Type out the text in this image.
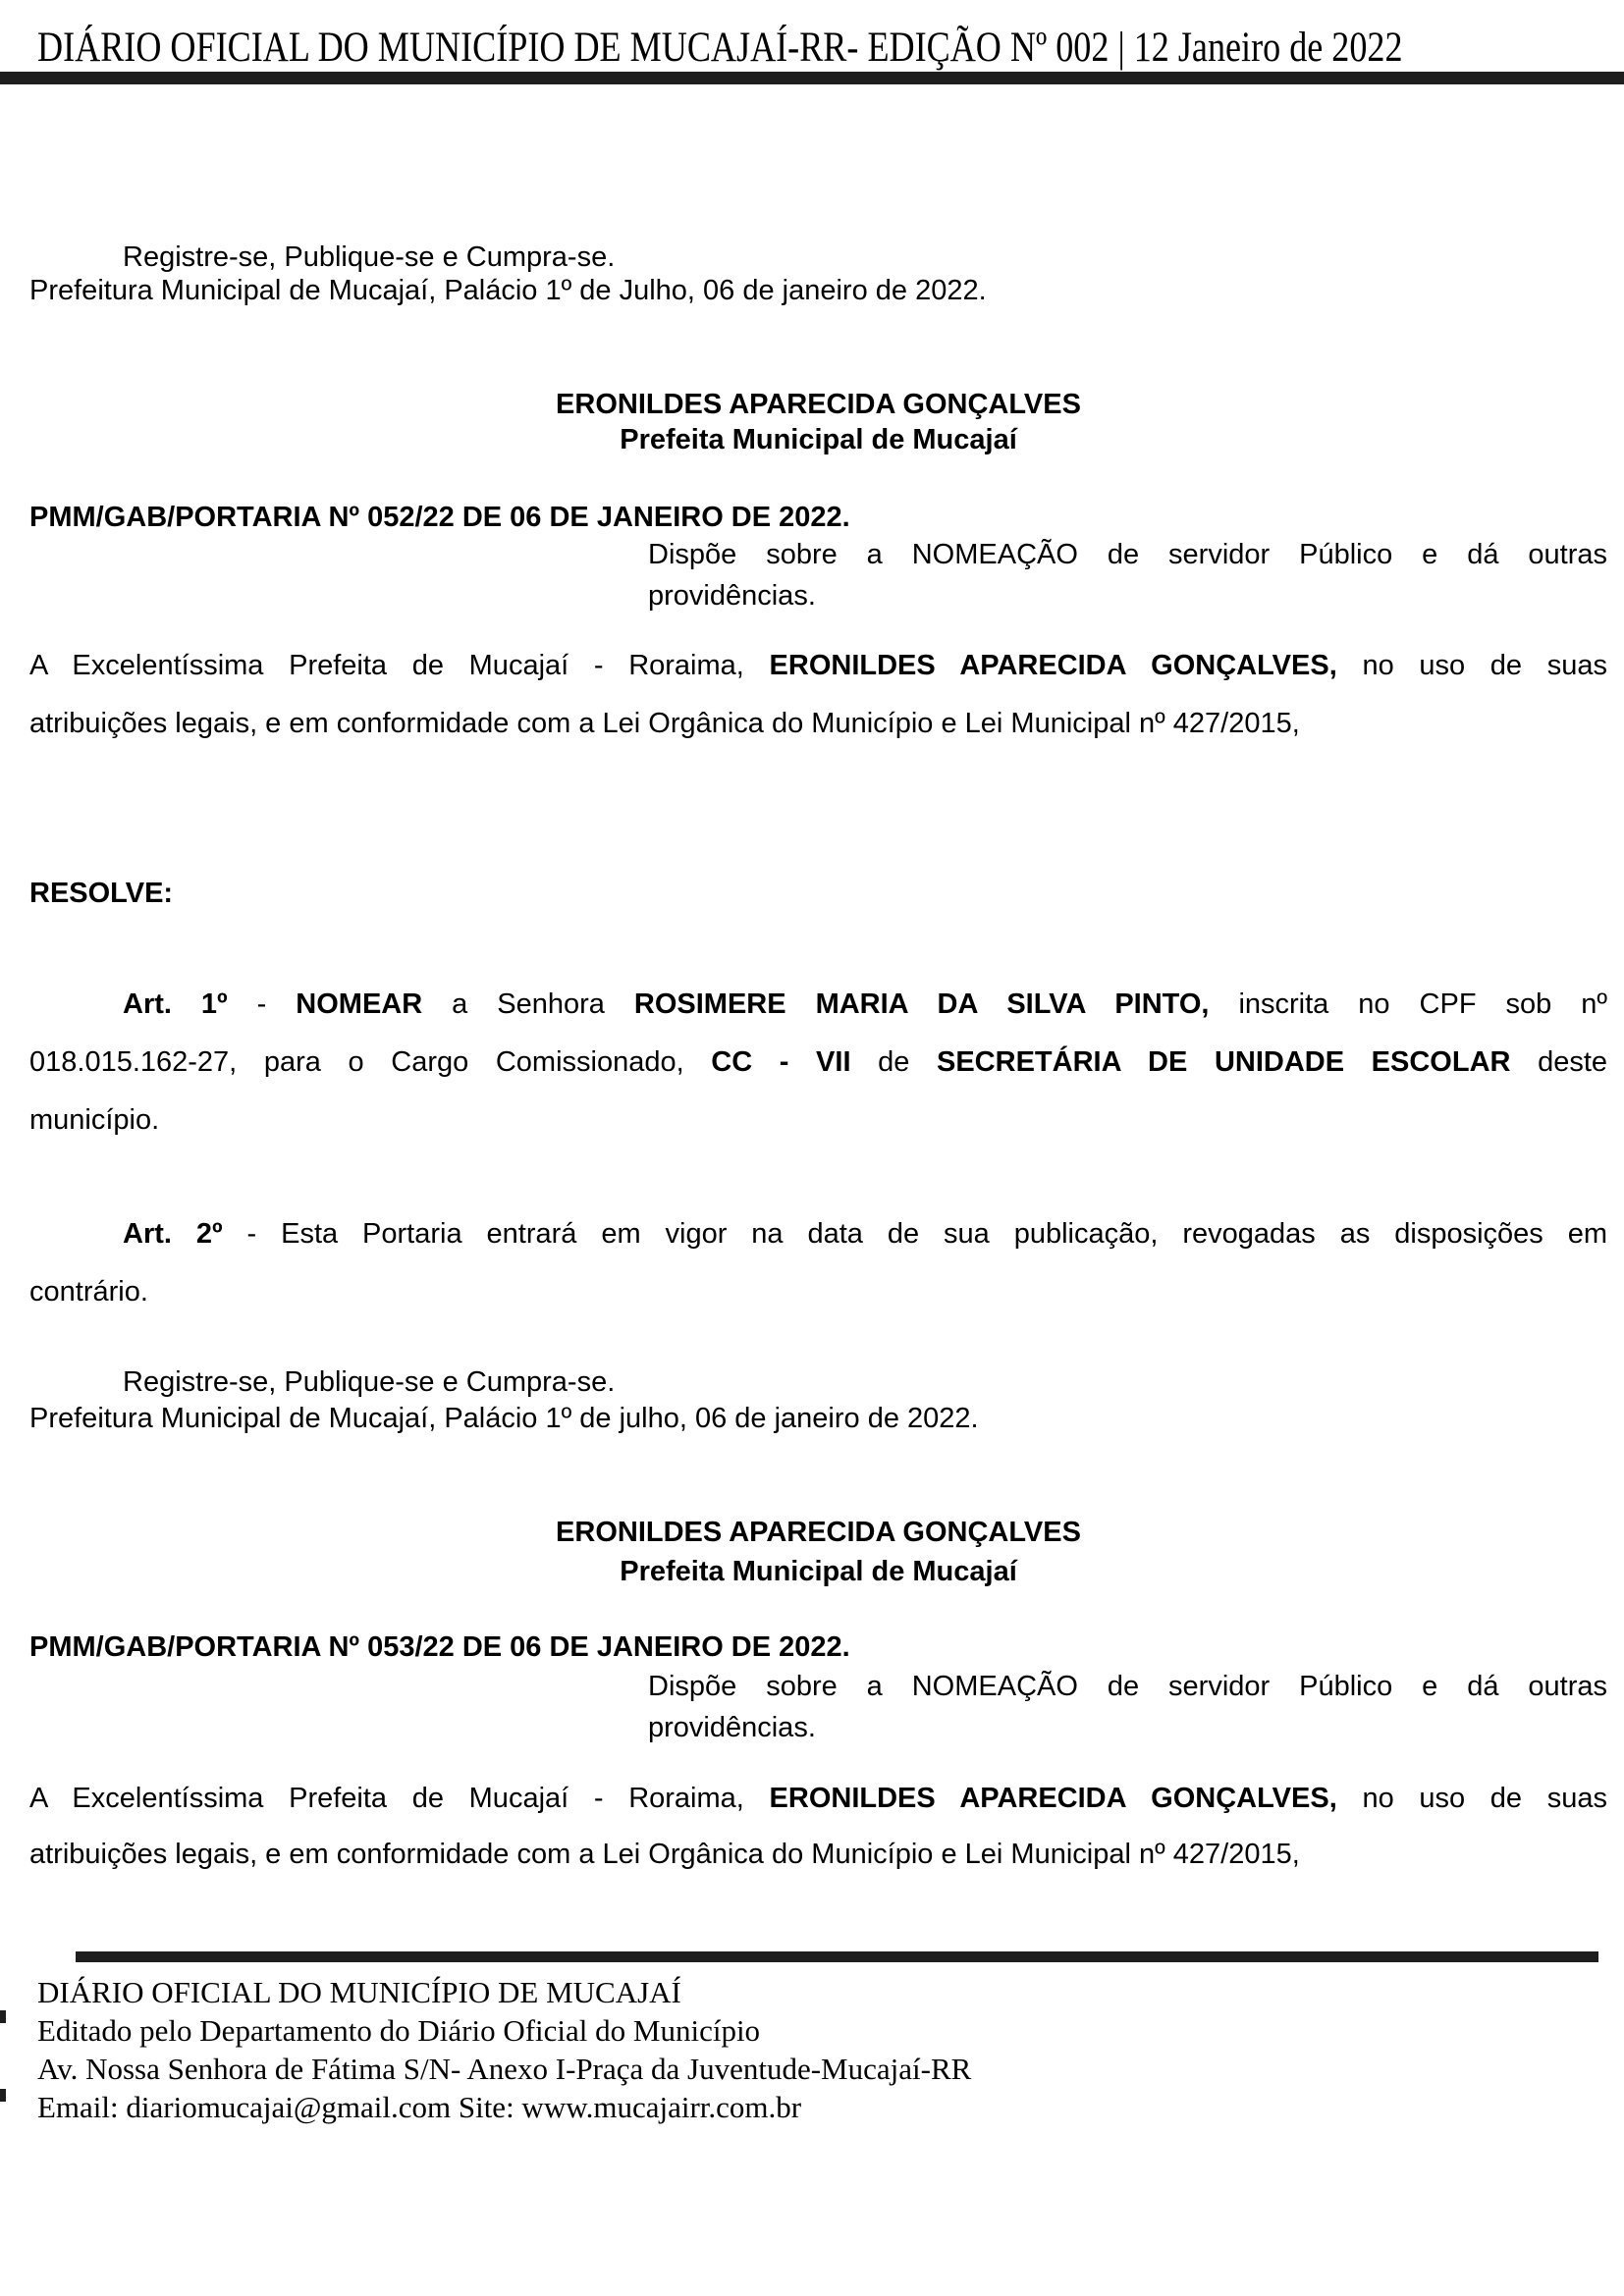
DIÁRIO OFICIAL DO MUNICÍPIO DE MUCAJAÍ-RR- EDIÇÃO Nº 002 | 12 Janeiro de 2022
Registre-se, Publique-se e Cumpra-se.
Prefeitura Municipal de Mucajaí, Palácio 1º de Julho, 06 de janeiro de 2022.
ERONILDES APARECIDA GONÇALVES
Prefeita Municipal de Mucajaí
PMM/GAB/PORTARIA Nº 052/22 DE 06 DE JANEIRO DE 2022.
Dispõe sobre a NOMEAÇÃO de servidor Público e dá outras
providências.
A Excelentíssima Prefeita de Mucajaí - Roraima, ERONILDES APARECIDA GONÇALVES, no uso de suas
atribuições legais, e em conformidade com a Lei Orgânica do Município e Lei Municipal nº 427/2015,
RESOLVE:
Art. 1º - NOMEAR a Senhora ROSIMERE MARIA DA SILVA PINTO, inscrita no CPF sob nº
018.015.162-27, para o Cargo Comissionado, CC - VII de SECRETÁRIA DE UNIDADE ESCOLAR deste
município.
Art. 2º - Esta Portaria entrará em vigor na data de sua publicação, revogadas as disposições em
contrário.
Registre-se, Publique-se e Cumpra-se.
Prefeitura Municipal de Mucajaí, Palácio 1º de julho, 06 de janeiro de 2022.
ERONILDES APARECIDA GONÇALVES
Prefeita Municipal de Mucajaí
PMM/GAB/PORTARIA Nº 053/22 DE 06 DE JANEIRO DE 2022.
Dispõe sobre a NOMEAÇÃO de servidor Público e dá outras
providências.
A Excelentíssima Prefeita de Mucajaí - Roraima, ERONILDES APARECIDA GONÇALVES, no uso de suas
atribuições legais, e em conformidade com a Lei Orgânica do Município e Lei Municipal nº 427/2015,
DIÁRIO OFICIAL DO MUNICÍPIO DE MUCAJAÍ
Editado pelo Departamento do Diário Oficial do Município
Av. Nossa Senhora de Fátima S/N- Anexo I-Praça da Juventude-Mucajaí-RR
Email: diariomucajai@gmail.com Site: www.mucajairr.com.br
